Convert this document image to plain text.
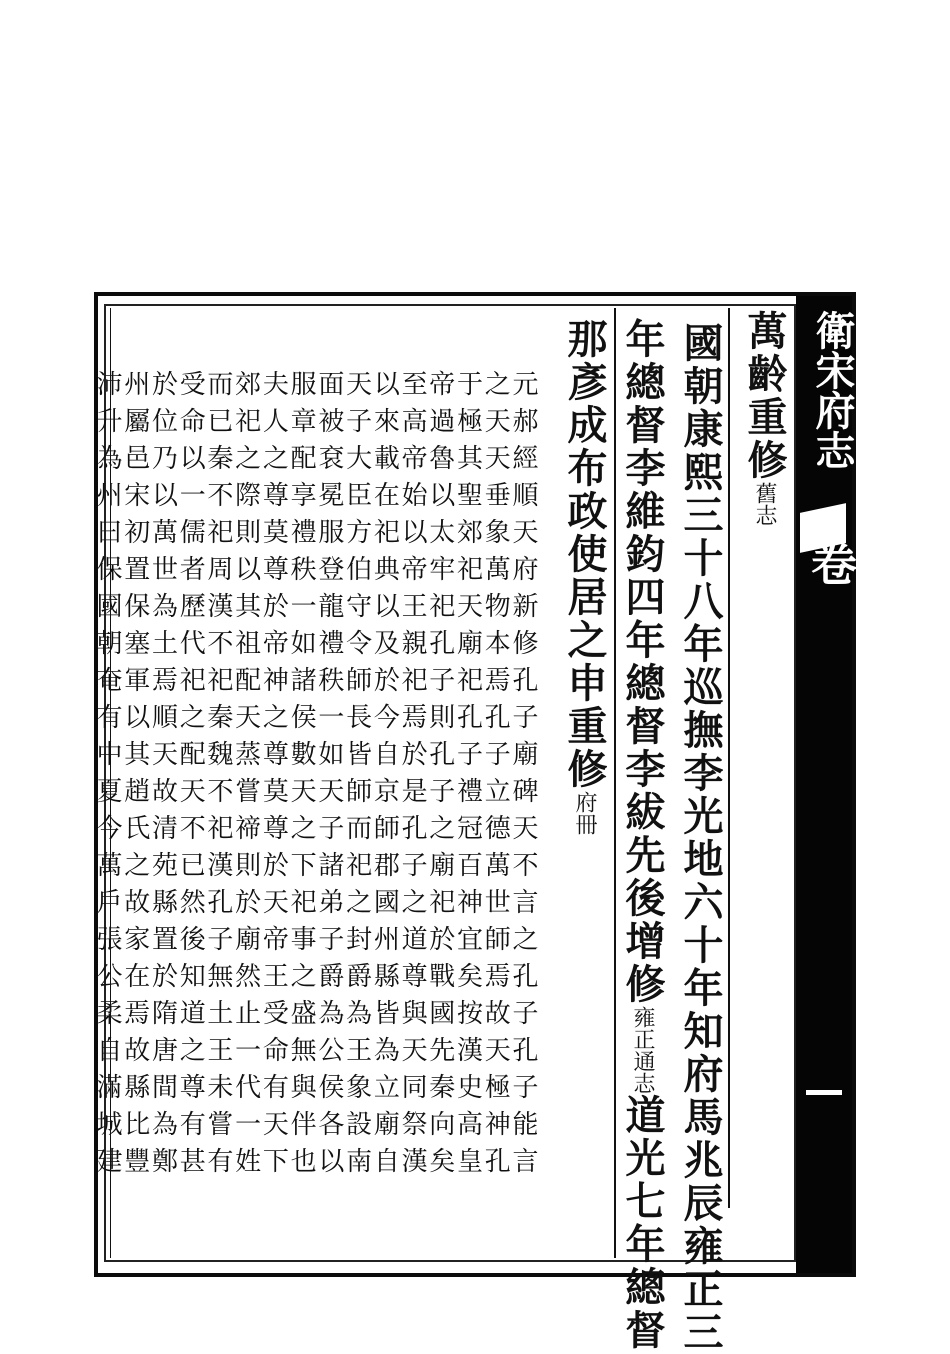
衛宋府志
卷
萬齡重修舊志
國朝康熙三十八年巡撫李光地六十年知府馬兆辰雍正三
年總督李維鈞四年總督李紱先後增修雍正通志道光七年總督
那彥成布政使居之申重修府冊
元郝經順天府新修孔子廟碑天不言之孔子孔子能言
之天天垂象萬物本焉孔子立德萬世師焉故天極神孔
于極其聖郊祀天廟祀孔子禮冠百神宜矣按漢史高皇
帝過魯以太牢祀孔子則孔子之廟祀於戰國先秦向矣
至高帝始以帝王親祀焉於是孔子之道尊與天同祭漢
以來載在祀典以及於今自京師郡國州縣皆為立廟自
天子大臣方伯守令師長皆師而祀之封爵為王象設南
面被袞冕服登龍禮秩一如天子諸弟子爵為公侯各以
服章配享禮秩一如諸侯數天之下祀事之盛無與伴也
夫人之尊莫尊於帝神之尊莫尊於天帝王受命有天下
郊祀之際則以其祖配天蒸嘗禘則於廟然止一代一姓
而已秦不祀周漢不祀秦魏不祀漢孔子無土王未嘗有
受命以一儒者歷代祀之配天不已然後知道之尊有甚
於位乃以萬世為土焉順天故清苑縣置於隋唐間為鄭
州屬邑宋初置保塞軍以其趙氏之故家在焉故縣比豐
沛升為州曰保國朝奄有中夏今萬戶張公柔自滿城建
